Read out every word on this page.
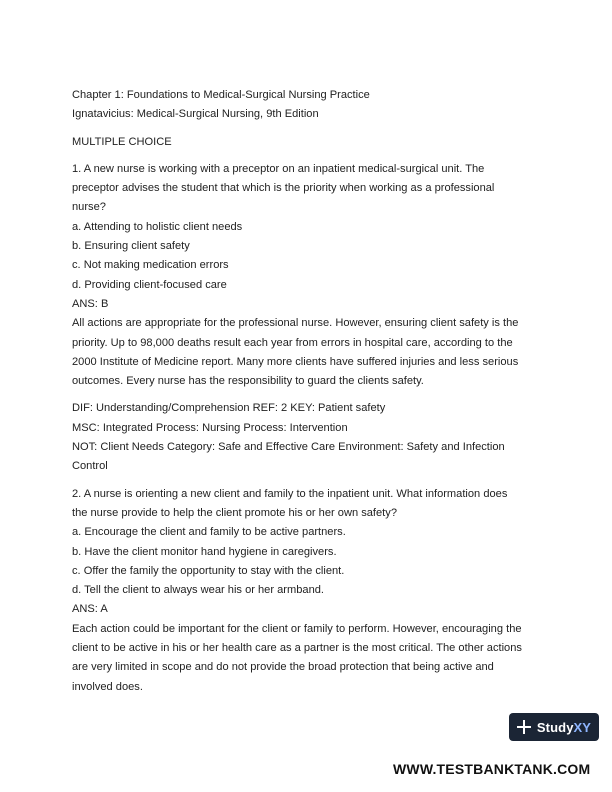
Chapter 1: Foundations to Medical-Surgical Nursing Practice

Ignatavicius: Medical-Surgical Nursing, 9th Edition

MULTIPLE CHOICE

1. A new nurse is working with a preceptor on an inpatient medical-surgical unit. The

preceptor advises the student that which is the priority when working as a professional

nurse?

a. Attending to holistic client needs

b. Ensuring client safety

c. Not making medication errors

d. Providing client-focused care

ANS: B

All actions are appropriate for the professional nurse. However, ensuring client safety is the

priority. Up to 98,000 deaths result each year from errors in hospital care, according to the

2000 Institute of Medicine report. Many more clients have suffered injuries and less serious

outcomes. Every nurse has the responsibility to guard the clients safety.

DIF: Understanding/Comprehension REF: 2 KEY: Patient safety

MSC: Integrated Process: Nursing Process: Intervention

NOT: Client Needs Category: Safe and Effective Care Environment: Safety and Infection

Control

2. A nurse is orienting a new client and family to the inpatient unit. What information does

the nurse provide to help the client promote his or her own safety?

a. Encourage the client and family to be active partners.

b. Have the client monitor hand hygiene in caregivers.

c. Offer the family the opportunity to stay with the client.

d. Tell the client to always wear his or her armband.

ANS: A

Each action could be important for the client or family to perform. However, encouraging the

client to be active in his or her health care as a partner is the most critical. The other actions

are very limited in scope and do not provide the broad protection that being active and

involved does.

StudyXY
WWW.TESTBANKTANK.COM
